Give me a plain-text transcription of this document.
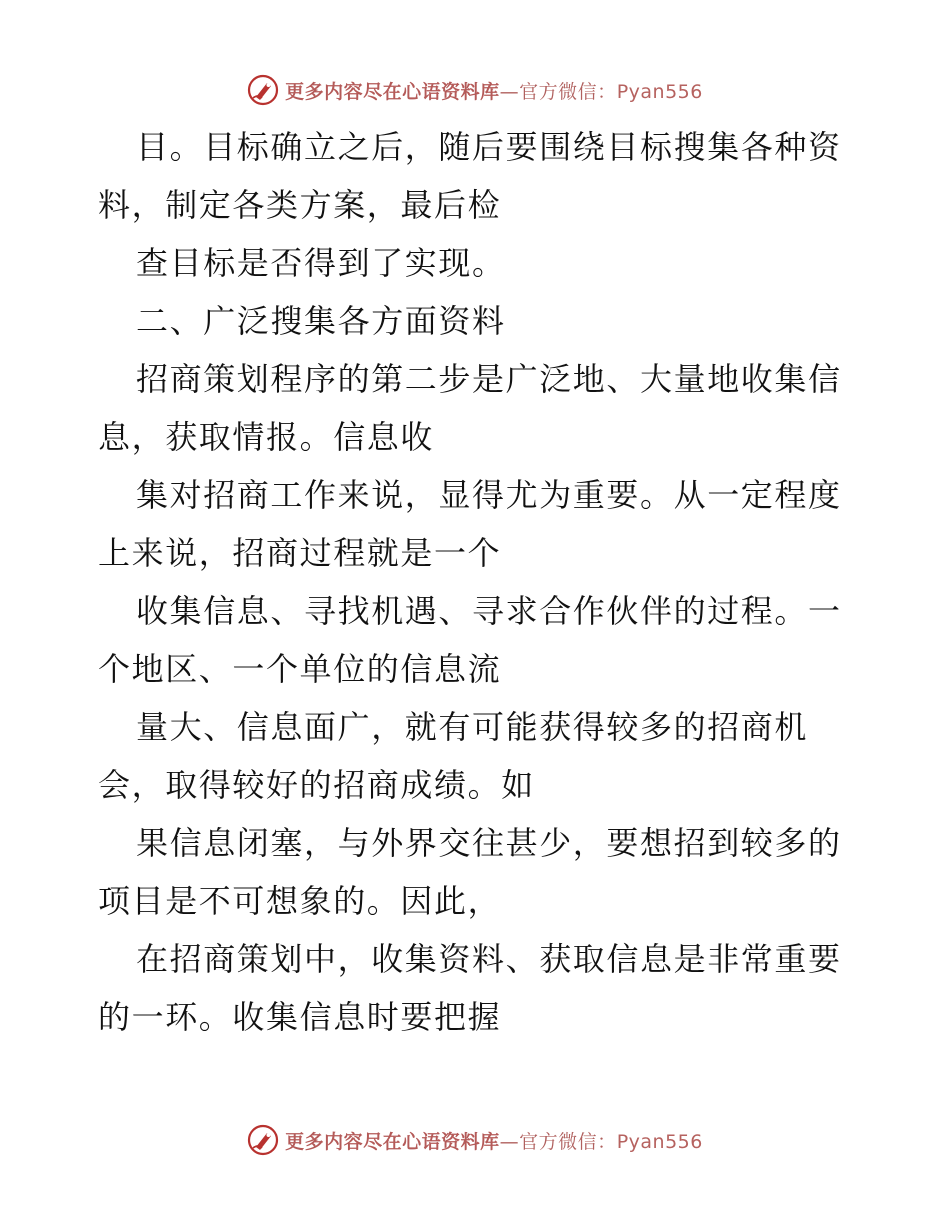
更多内容尽在心语资料库—官方微信：Pyan556

目。目标确立之后，随后要围绕目标搜集各种资料，制定各类方案，最后检

查目标是否得到了实现。

二、广泛搜集各方面资料

招商策划程序的第二步是广泛地、大量地收集信息，获取情报。信息收

集对招商工作来说，显得尤为重要。从一定程度上来说，招商过程就是一个

收集信息、寻找机遇、寻求合作伙伴的过程。一个地区、一个单位的信息流

量大、信息面广，就有可能获得较多的招商机会，取得较好的招商成绩。如

果信息闭塞，与外界交往甚少，要想招到较多的项目是不可想象的。因此，

在招商策划中，收集资料、获取信息是非常重要的一环。收集信息时要把握

更多内容尽在心语资料库—官方微信：Pyan556
